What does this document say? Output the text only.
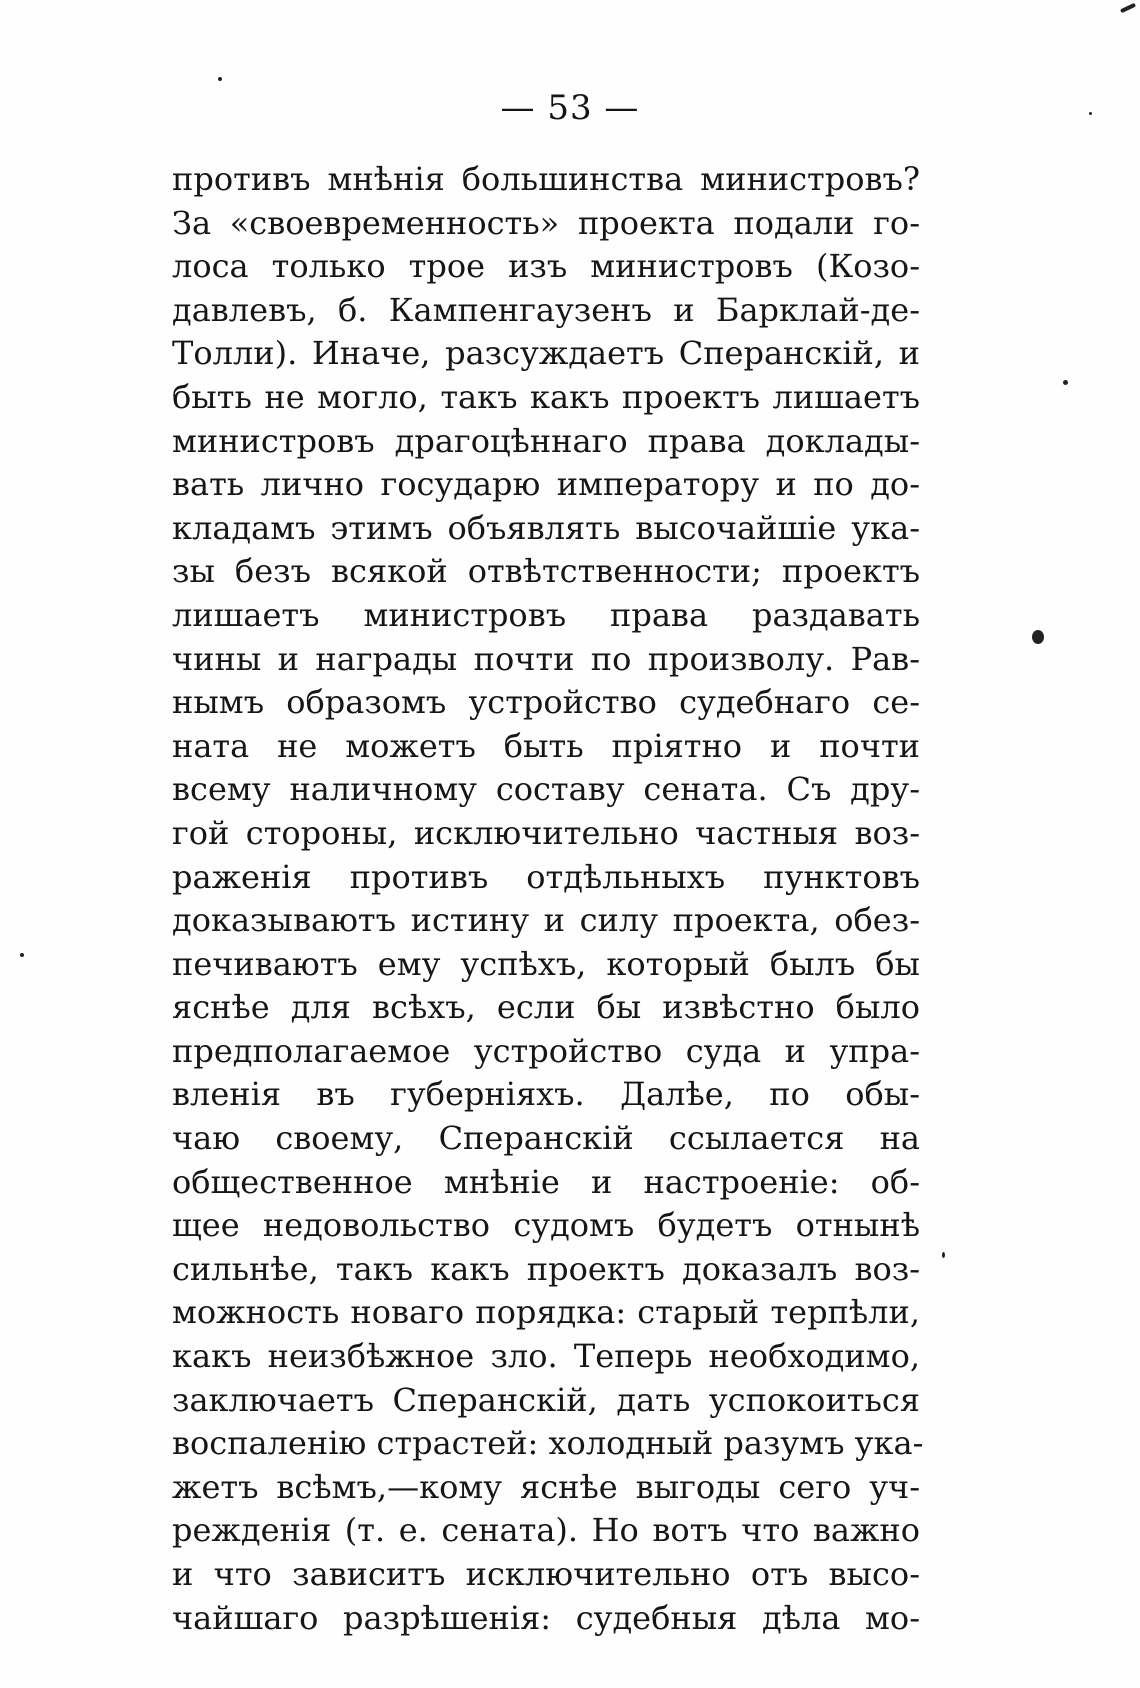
— 53 —
противъ мнѣнія большинства министровъ?
За «своевременность» проекта подали го-
лоса только трое изъ министровъ (Козо-
давлевъ, б. Кампенгаузенъ и Барклай-де-
Толли). Иначе, разсуждаетъ Сперанскій, и
быть не могло, такъ какъ проектъ лишаетъ
министровъ драгоцѣннаго права доклады-
вать лично государю императору и по до-
кладамъ этимъ объявлять высочайшіе ука-
зы безъ всякой отвѣтственности; проектъ
лишаетъ министровъ права раздавать
чины и награды почти по произволу. Рав-
нымъ образомъ устройство судебнаго се-
ната не можетъ быть пріятно и почти
всему наличному составу сената. Съ дру-
гой стороны, исключительно частныя воз-
раженія противъ отдѣльныхъ пунктовъ
доказываютъ истину и силу проекта, обез-
печиваютъ ему успѣхъ, который былъ бы
яснѣе для всѣхъ, если бы извѣстно было
предполагаемое устройство суда и упра-
вленія въ губерніяхъ. Далѣе, по обы-
чаю своему, Сперанскій ссылается на
общественное мнѣніе и настроеніе: об-
щее недовольство судомъ будетъ отнынѣ
сильнѣе, такъ какъ проектъ доказалъ воз-
можность новаго порядка: старый терпѣли,
какъ неизбѣжное зло. Теперь необходимо,
заключаетъ Сперанскій, дать успокоиться
воспаленію страстей: холодный разумъ ука-
жетъ всѣмъ,—кому яснѣе выгоды сего уч-
режденія (т. е. сената). Но вотъ что важно
и что зависитъ исключительно отъ высо-
чайшаго разрѣшенія: судебныя дѣла мо-
